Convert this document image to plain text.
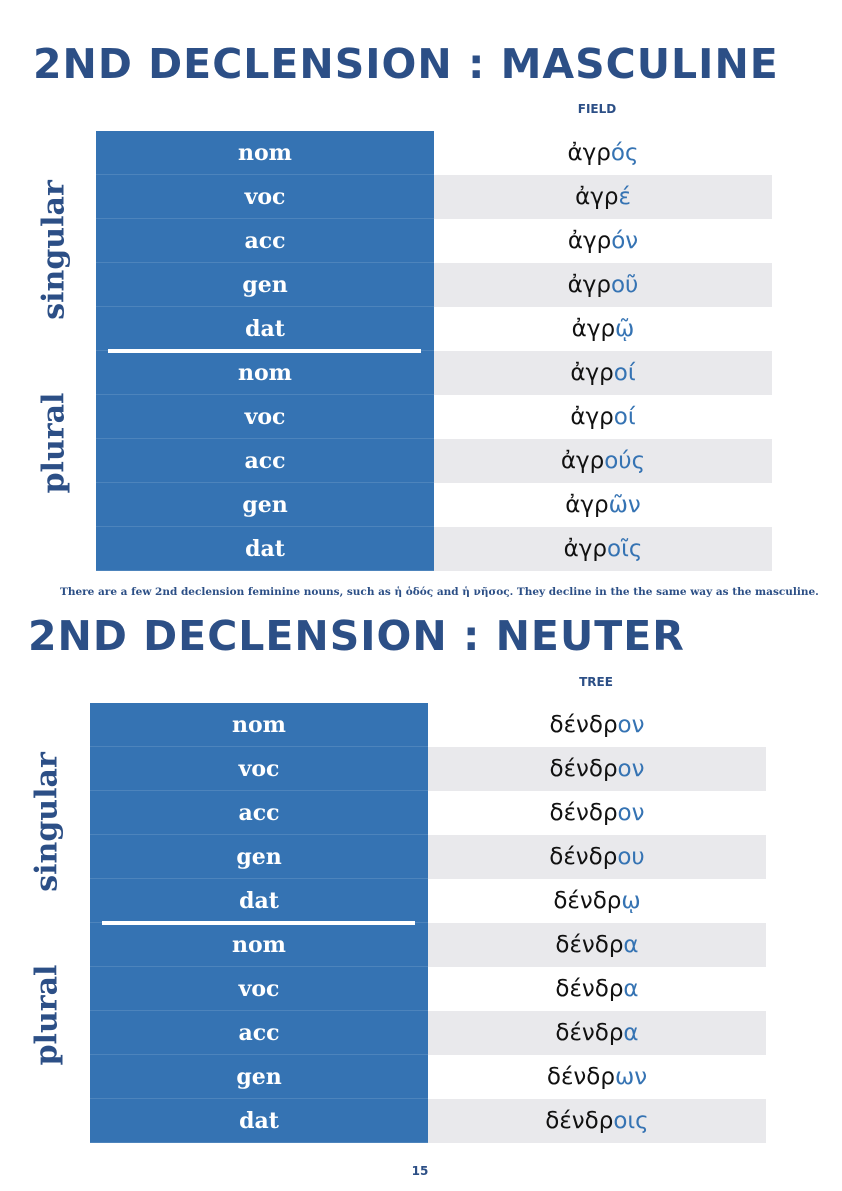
2ND DECLENSION : MASCULINE
FIELD
singular
plural
nom	ἀγρ ός
voc	ἀγρ έ
acc	ἀγρ όν
gen	ἀγρ οῦ
dat	ἀγρ ῷ
nom	ἀγρ οί
voc	ἀγρ οί
acc	ἀγρ ούς
gen	ἀγρ ῶν
dat	ἀγρ οῖς

There are a few 2nd declension feminine nouns, such as ἡ ὁδός and ἡ νῆσος. They decline in the the same way as the masculine.

2ND DECLENSION : NEUTER
TREE
singular
plural
nom	δένδρ ον
voc	δένδρ ον
acc	δένδρ ον
gen	δένδρ ου
dat	δένδρ ῳ
nom	δένδρ α
voc	δένδρ α
acc	δένδρ α
gen	δένδρ ων
dat	δένδρ οις
15
